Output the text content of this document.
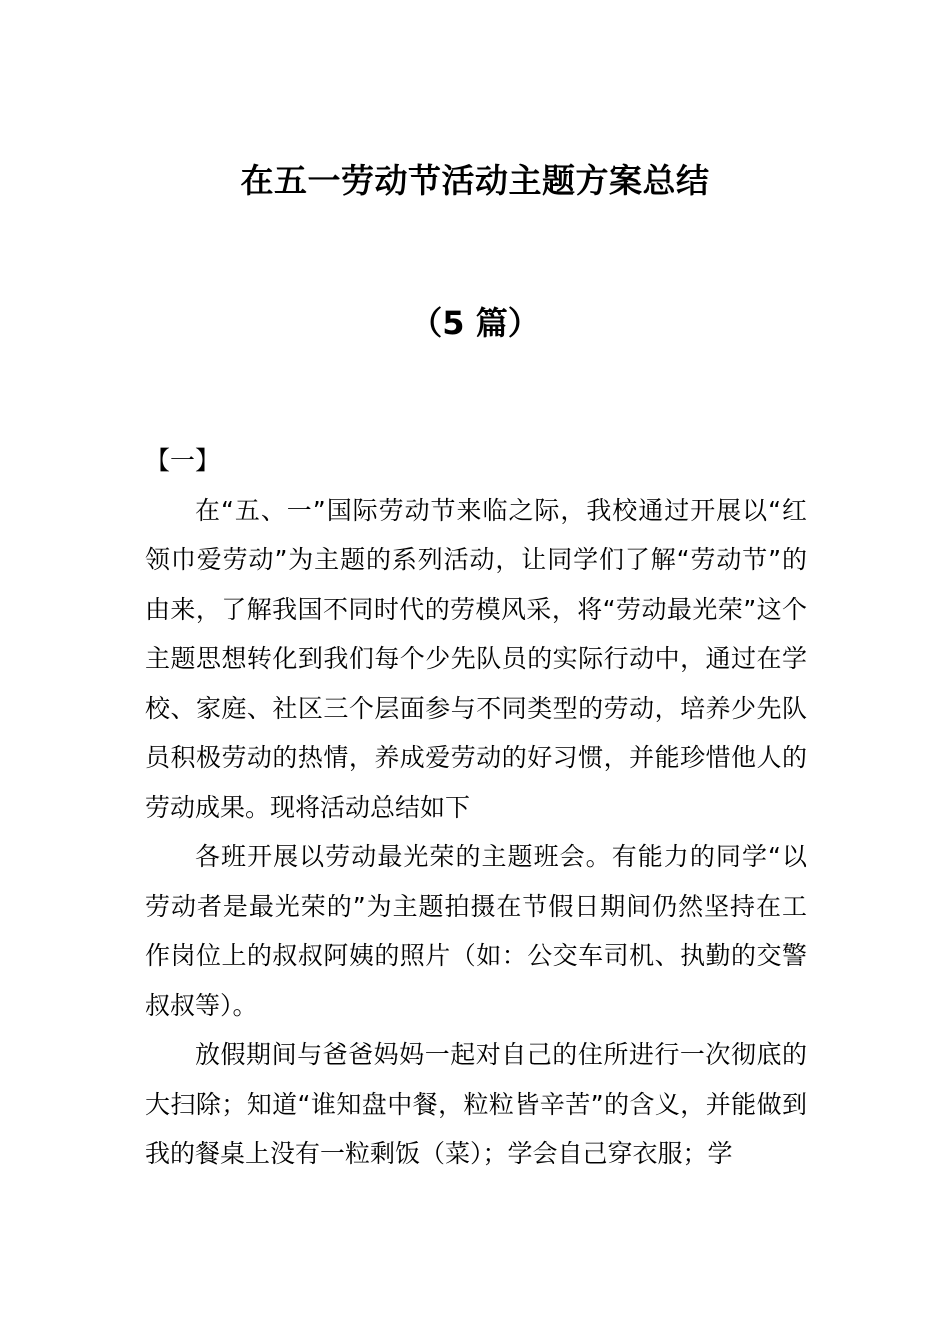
在五一劳动节活动主题方案总结
（5 篇）
【一】

在“五、一”国际劳动节来临之际，我校通过开展以“红领巾爱劳动”为主题的系列活动，让同学们了解“劳动节”的由来，了解我国不同时代的劳模风采，将“劳动最光荣”这个主题思想转化到我们每个少先队员的实际行动中，通过在学校、家庭、社区三个层面参与不同类型的劳动，培养少先队员积极劳动的热情，养成爱劳动的好习惯，并能珍惜他人的劳动成果。现将活动总结如下

各班开展以劳动最光荣的主题班会。有能力的同学“以劳动者是最光荣的”为主题拍摄在节假日期间仍然坚持在工作岗位上的叔叔阿姨的照片（如：公交车司机、执勤的交警叔叔等）。

放假期间与爸爸妈妈一起对自己的住所进行一次彻底的大扫除；知道“谁知盘中餐，粒粒皆辛苦”的含义，并能做到我的餐桌上没有一粒剩饭（菜）；学会自己穿衣服；学
